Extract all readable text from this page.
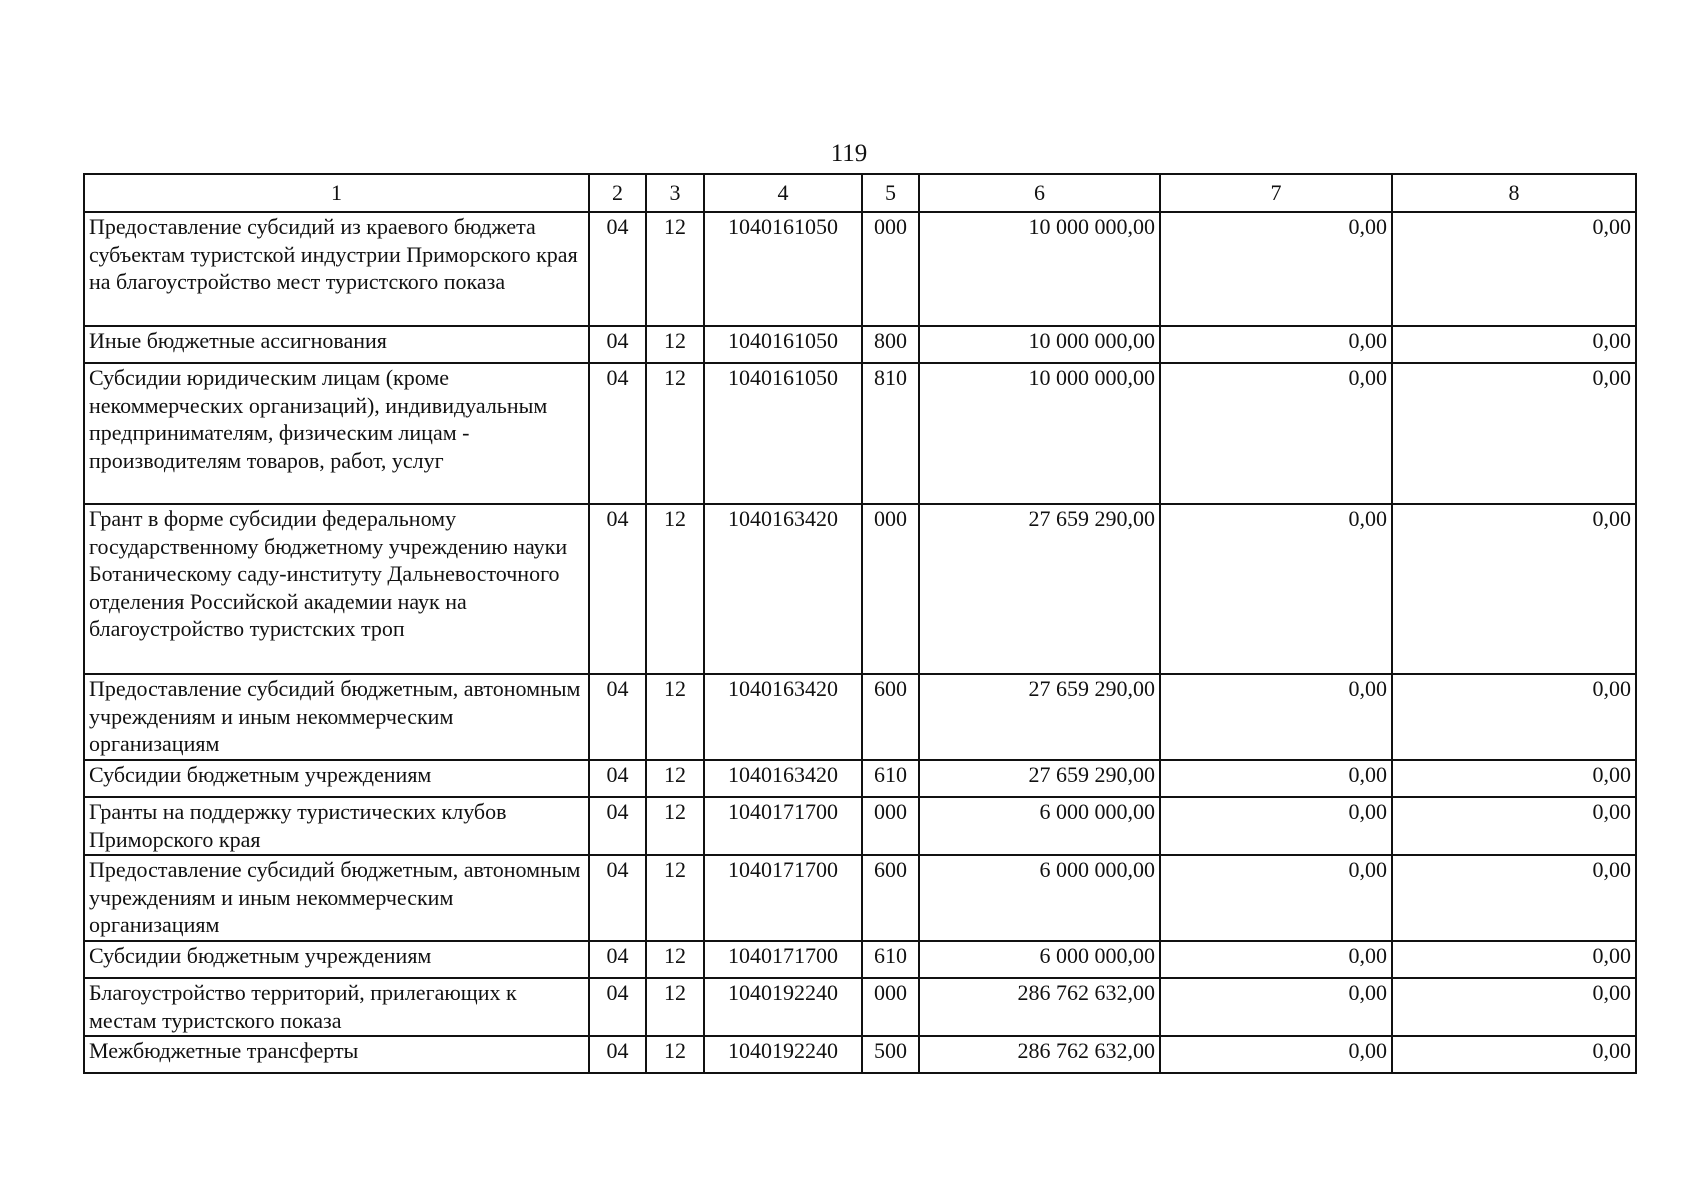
119
1	2	3	4	5	6	7	8
Предоставление субсидий из краевого бюджета субъектам туристской индустрии Приморского края на благоустройство мест туристского показа	04	12	1040161050	000	10 000 000,00	0,00	0,00
Иные бюджетные ассигнования	04	12	1040161050	800	10 000 000,00	0,00	0,00
Субсидии юридическим лицам (кроме некоммерческих организаций), индивидуальным предпринимателям, физическим лицам - производителям товаров, работ, услуг	04	12	1040161050	810	10 000 000,00	0,00	0,00
Грант в форме субсидии федеральному государственному бюджетному учреждению науки Ботаническому саду-институту Дальневосточного отделения Российской академии наук на благоустройство туристских троп	04	12	1040163420	000	27 659 290,00	0,00	0,00
Предоставление субсидий бюджетным, автономным учреждениям и иным некоммерческим организациям	04	12	1040163420	600	27 659 290,00	0,00	0,00
Субсидии бюджетным учреждениям	04	12	1040163420	610	27 659 290,00	0,00	0,00
Гранты на поддержку туристических клубов Приморского края	04	12	1040171700	000	6 000 000,00	0,00	0,00
Предоставление субсидий бюджетным, автономным учреждениям и иным некоммерческим организациям	04	12	1040171700	600	6 000 000,00	0,00	0,00
Субсидии бюджетным учреждениям	04	12	1040171700	610	6 000 000,00	0,00	0,00
Благоустройство территорий, прилегающих к местам туристского показа	04	12	1040192240	000	286 762 632,00	0,00	0,00
Межбюджетные трансферты	04	12	1040192240	500	286 762 632,00	0,00	0,00
